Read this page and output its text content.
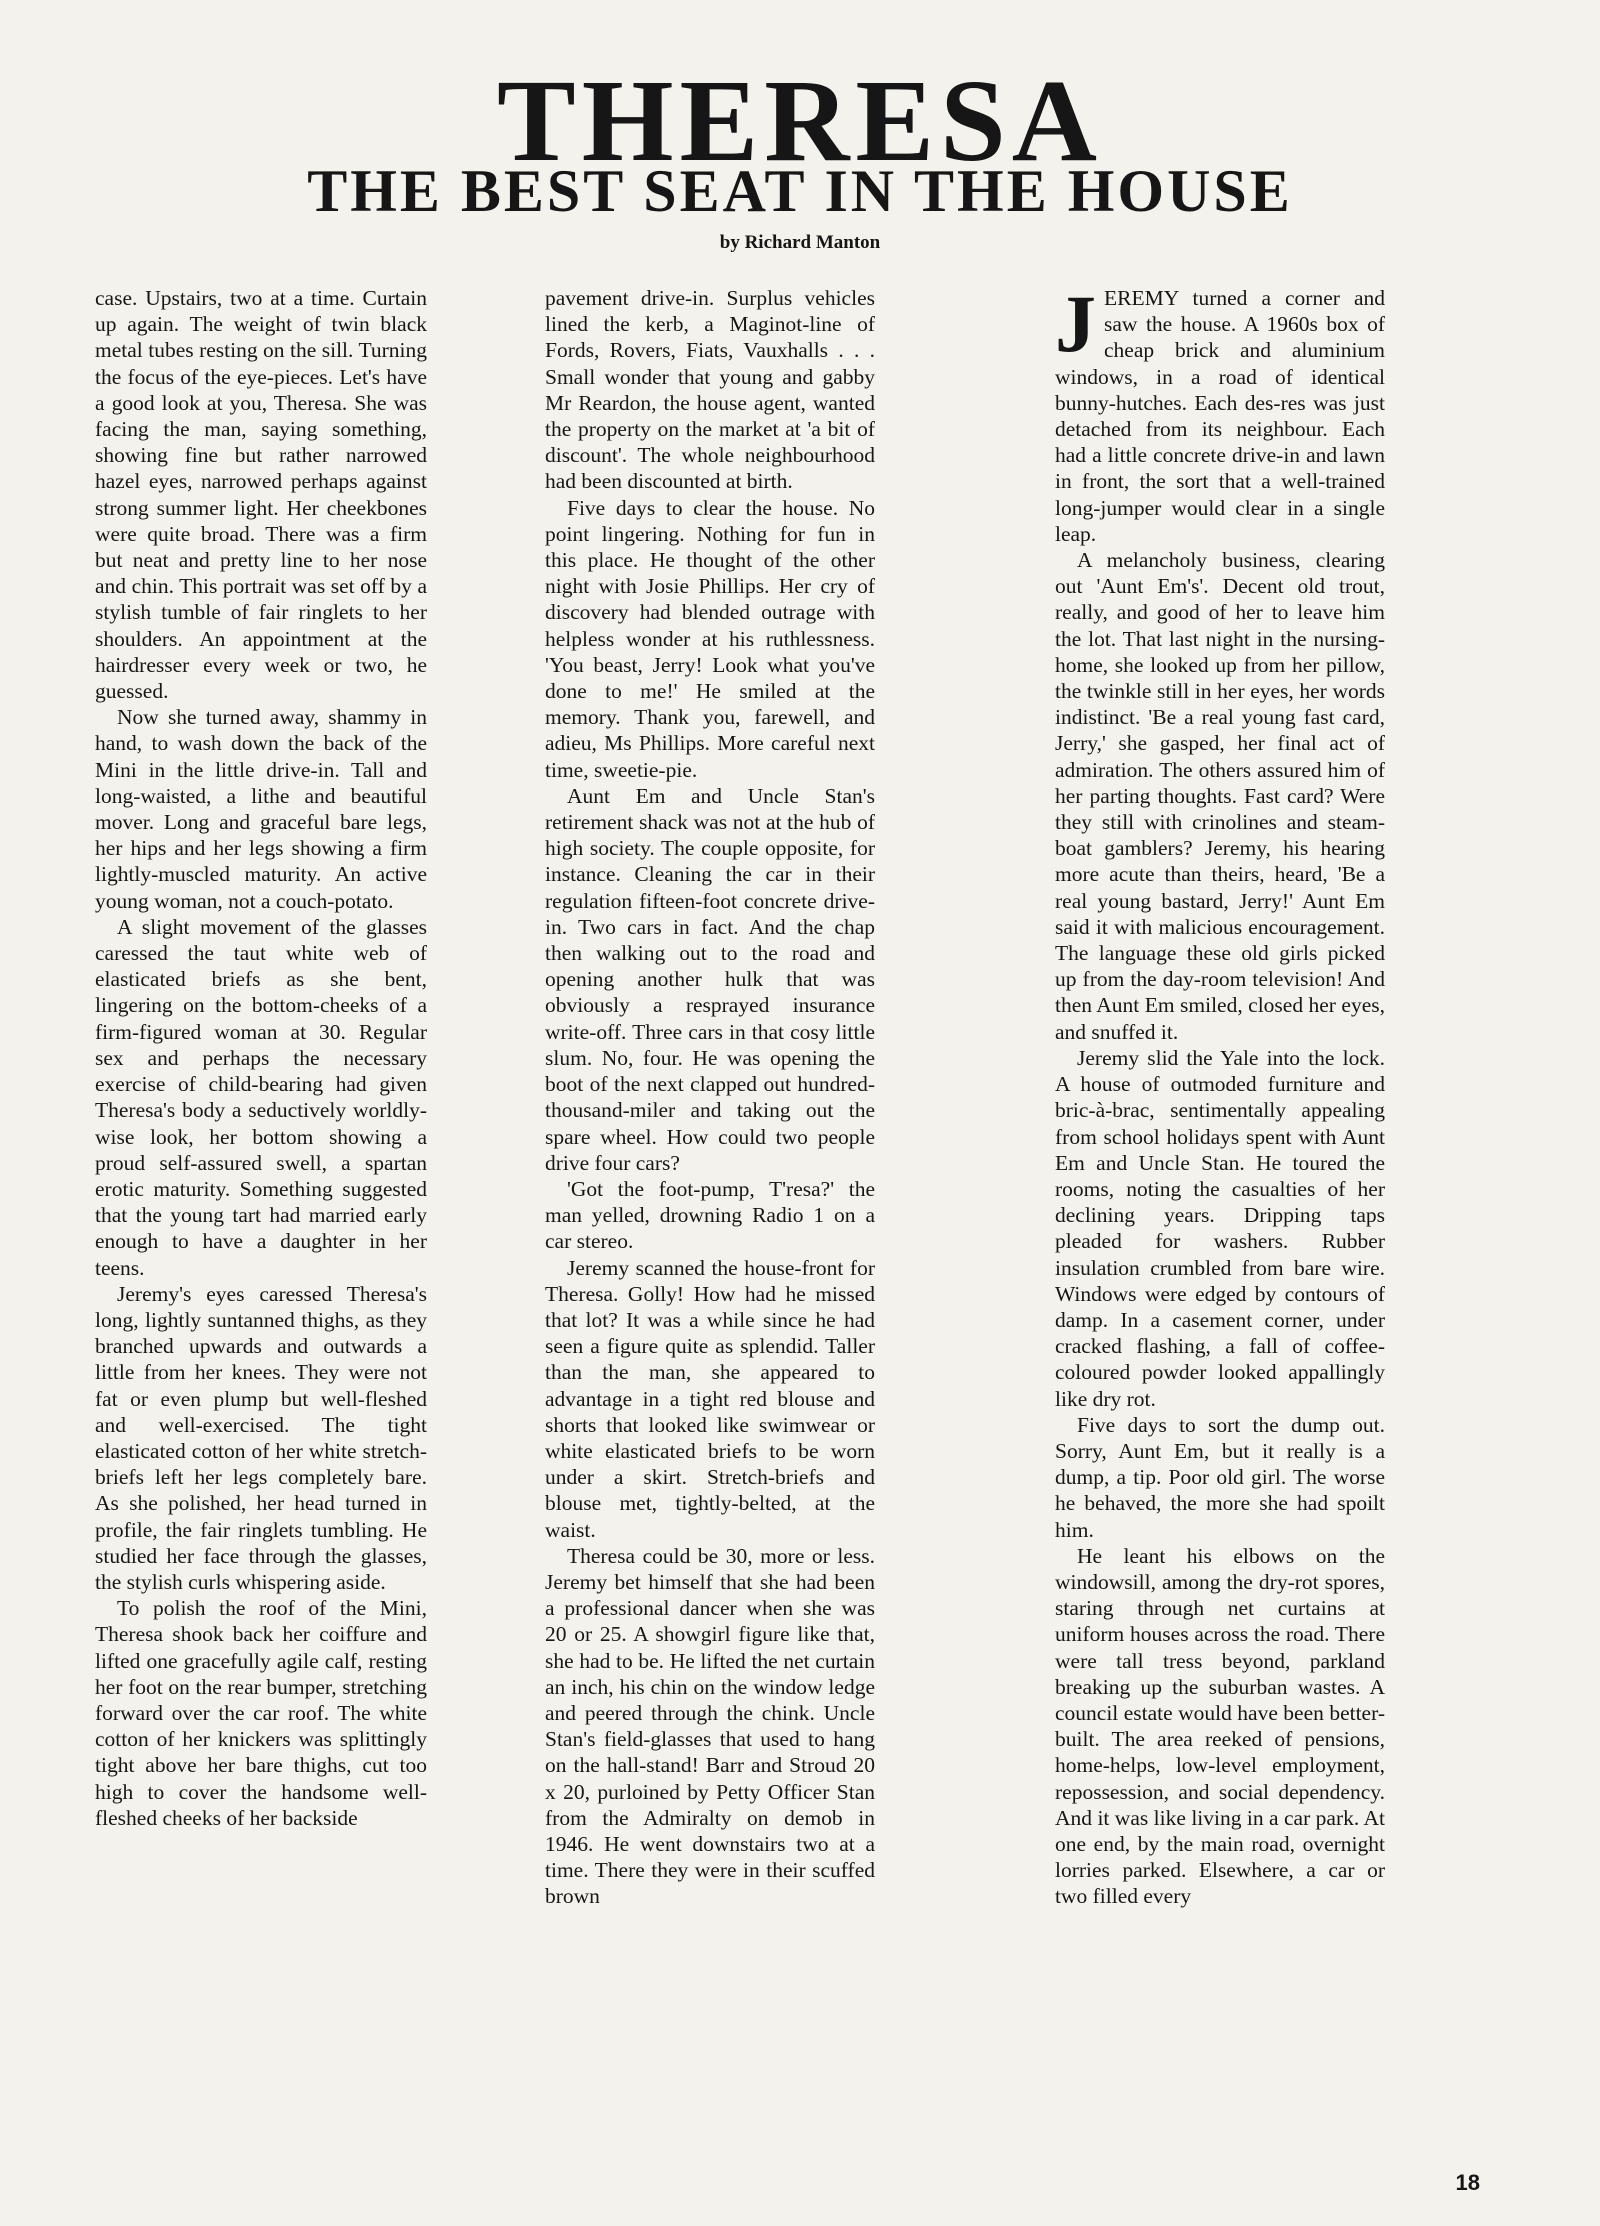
THERESA
THE BEST SEAT IN THE HOUSE

by Richard Manton

JEREMY turned a corner and saw the house. A 1960s box of cheap brick and aluminium windows, in a road of identical bunny-hutches. Each des-res was just detached from its neighbour. Each had a little concrete drive-in and lawn in front, the sort that a well-trained long-jumper would clear in a single leap.

A melancholy business, clearing out 'Aunt Em's'. Decent old trout, really, and good of her to leave him the lot. That last night in the nursing-home, she looked up from her pillow, the twinkle still in her eyes, her words indistinct. 'Be a real young fast card, Jerry,' she gasped, her final act of admiration. The others assured him of her parting thoughts. Fast card? Were they still with crinolines and steam-boat gamblers? Jeremy, his hearing more acute than theirs, heard, 'Be a real young bastard, Jerry!' Aunt Em said it with malicious encouragement. The language these old girls picked up from the day-room television! And then Aunt Em smiled, closed her eyes, and snuffed it.

Jeremy slid the Yale into the lock. A house of outmoded furniture and bric-à-brac, sentimentally appealing from school holidays spent with Aunt Em and Uncle Stan. He toured the rooms, noting the casualties of her declining years. Dripping taps pleaded for washers. Rubber insulation crumbled from bare wire. Windows were edged by contours of damp. In a casement corner, under cracked flashing, a fall of coffee-coloured powder looked appallingly like dry rot.

Five days to sort the dump out. Sorry, Aunt Em, but it really is a dump, a tip. Poor old girl. The worse he behaved, the more she had spoilt him.

He leant his elbows on the windowsill, among the dry-rot spores, staring through net curtains at uniform houses across the road. There were tall tress beyond, parkland breaking up the suburban wastes. A council estate would have been better-built. The area reeked of pensions, home-helps, low-level employment, repossession, and social dependency. And it was like living in a car park. At one end, by the main road, overnight lorries parked. Elsewhere, a car or two filled every

pavement drive-in. Surplus vehicles lined the kerb, a Maginot-line of Fords, Rovers, Fiats, Vauxhalls . . . Small wonder that young and gabby Mr Reardon, the house agent, wanted the property on the market at 'a bit of discount'. The whole neighbourhood had been discounted at birth.

Five days to clear the house. No point lingering. Nothing for fun in this place. He thought of the other night with Josie Phillips. Her cry of discovery had blended outrage with helpless wonder at his ruthlessness. 'You beast, Jerry! Look what you've done to me!' He smiled at the memory. Thank you, farewell, and adieu, Ms Phillips. More careful next time, sweetie-pie.

Aunt Em and Uncle Stan's retirement shack was not at the hub of high society. The couple opposite, for instance. Cleaning the car in their regulation fifteen-foot concrete drive-in. Two cars in fact. And the chap then walking out to the road and opening another hulk that was obviously a resprayed insurance write-off. Three cars in that cosy little slum. No, four. He was opening the boot of the next clapped out hundred-thousand-miler and taking out the spare wheel. How could two people drive four cars?

'Got the foot-pump, T'resa?' the man yelled, drowning Radio 1 on a car stereo.

Jeremy scanned the house-front for Theresa. Golly! How had he missed that lot? It was a while since he had seen a figure quite as splendid. Taller than the man, she appeared to advantage in a tight red blouse and shorts that looked like swimwear or white elasticated briefs to be worn under a skirt. Stretch-briefs and blouse met, tightly-belted, at the waist.

Theresa could be 30, more or less. Jeremy bet himself that she had been a professional dancer when she was 20 or 25. A showgirl figure like that, she had to be. He lifted the net curtain an inch, his chin on the window ledge and peered through the chink. Uncle Stan's field-glasses that used to hang on the hall-stand! Barr and Stroud 20 x 20, purloined by Petty Officer Stan from the Admiralty on demob in 1946. He went downstairs two at a time. There they were in their scuffed brown

case. Upstairs, two at a time. Curtain up again. The weight of twin black metal tubes resting on the sill. Turning the focus of the eye-pieces. Let's have a good look at you, Theresa. She was facing the man, saying something, showing fine but rather narrowed hazel eyes, narrowed perhaps against strong summer light. Her cheekbones were quite broad. There was a firm but neat and pretty line to her nose and chin. This portrait was set off by a stylish tumble of fair ringlets to her shoulders. An appointment at the hairdresser every week or two, he guessed.

Now she turned away, shammy in hand, to wash down the back of the Mini in the little drive-in. Tall and long-waisted, a lithe and beautiful mover. Long and graceful bare legs, her hips and her legs showing a firm lightly-muscled maturity. An active young woman, not a couch-potato.

A slight movement of the glasses caressed the taut white web of elasticated briefs as she bent, lingering on the bottom-cheeks of a firm-figured woman at 30. Regular sex and perhaps the necessary exercise of child-bearing had given Theresa's body a seductively worldly-wise look, her bottom showing a proud self-assured swell, a spartan erotic maturity. Something suggested that the young tart had married early enough to have a daughter in her teens.

Jeremy's eyes caressed Theresa's long, lightly suntanned thighs, as they branched upwards and outwards a little from her knees. They were not fat or even plump but well-fleshed and well-exercised. The tight elasticated cotton of her white stretch-briefs left her legs completely bare. As she polished, her head turned in profile, the fair ringlets tumbling. He studied her face through the glasses, the stylish curls whispering aside.

To polish the roof of the Mini, Theresa shook back her coiffure and lifted one gracefully agile calf, resting her foot on the rear bumper, stretching forward over the car roof. The white cotton of her knickers was splittingly tight above her bare thighs, cut too high to cover the handsome well-fleshed cheeks of her backside

18
